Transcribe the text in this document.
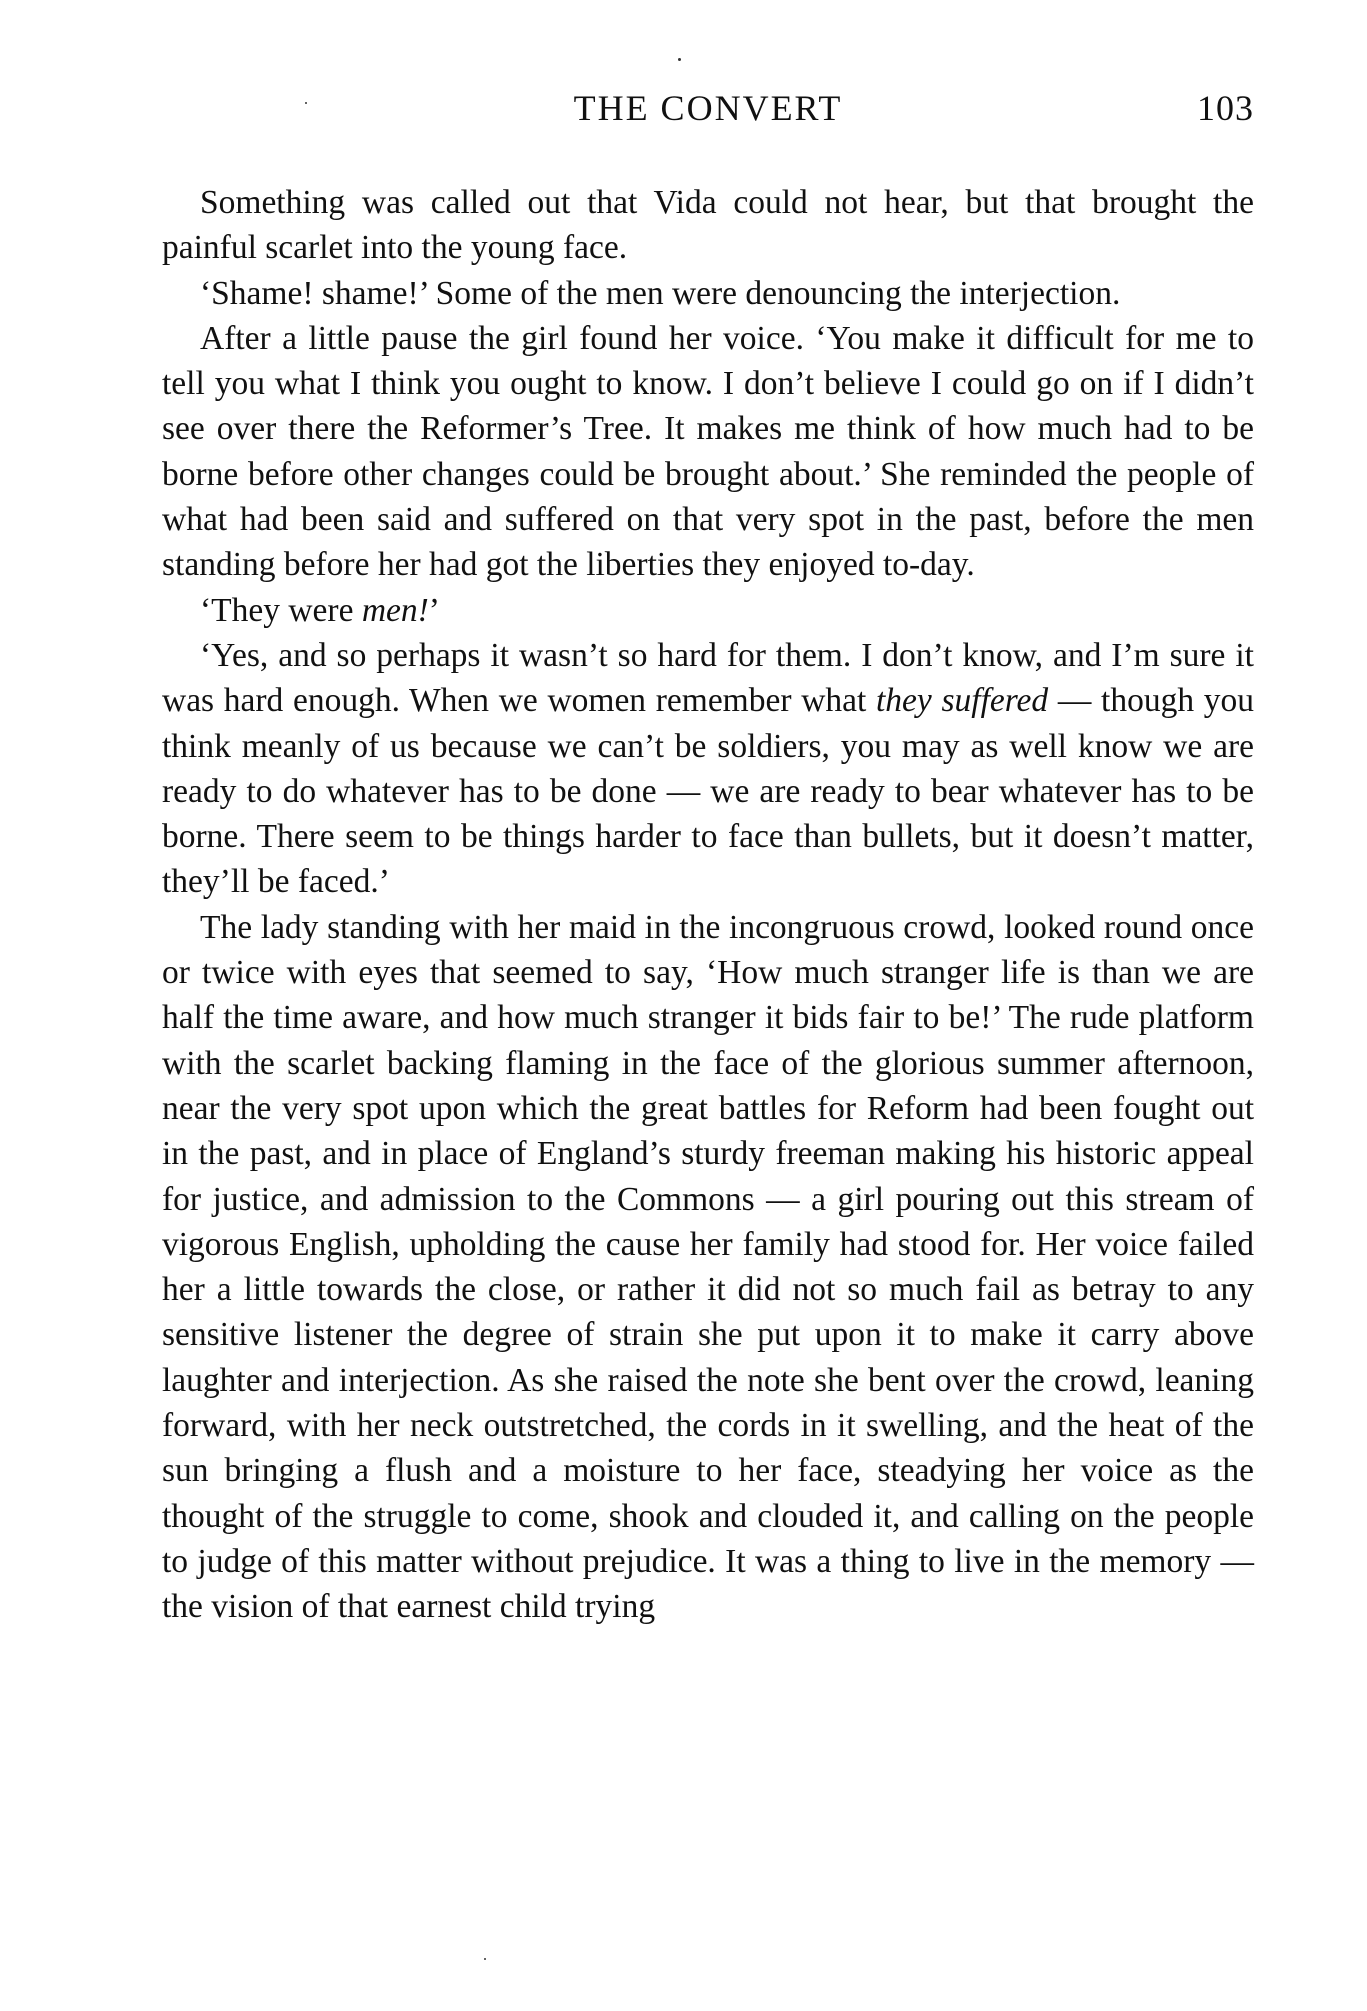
THE CONVERT	103

Something was called out that Vida could not hear, but that brought the painful scarlet into the young face.

‘Shame! shame!’ Some of the men were denouncing the interjection.

After a little pause the girl found her voice. ‘You make it difficult for me to tell you what I think you ought to know. I don’t believe I could go on if I didn’t see over there the Reformer’s Tree. It makes me think of how much had to be borne before other changes could be brought about.’ She reminded the people of what had been said and suffered on that very spot in the past, before the men standing before her had got the liberties they enjoyed to-day.

‘They were men!’

‘Yes, and so perhaps it wasn’t so hard for them. I don’t know, and I’m sure it was hard enough. When we women remember what they suffered — though you think meanly of us because we can’t be soldiers, you may as well know we are ready to do whatever has to be done — we are ready to bear whatever has to be borne. There seem to be things harder to face than bullets, but it doesn’t matter, they’ll be faced.’

The lady standing with her maid in the incongruous crowd, looked round once or twice with eyes that seemed to say, ‘How much stranger life is than we are half the time aware, and how much stranger it bids fair to be!’ The rude platform with the scarlet backing flaming in the face of the glorious summer afternoon, near the very spot upon which the great battles for Reform had been fought out in the past, and in place of England’s sturdy freeman making his historic appeal for justice, and admission to the Commons — a girl pouring out this stream of vigorous English, upholding the cause her family had stood for. Her voice failed her a little towards the close, or rather it did not so much fail as betray to any sensitive listener the degree of strain she put upon it to make it carry above laughter and interjection. As she raised the note she bent over the crowd, leaning forward, with her neck outstretched, the cords in it swelling, and the heat of the sun bringing a flush and a moisture to her face, steadying her voice as the thought of the struggle to come, shook and clouded it, and calling on the people to judge of this matter without prejudice. It was a thing to live in the memory — the vision of that earnest child trying
